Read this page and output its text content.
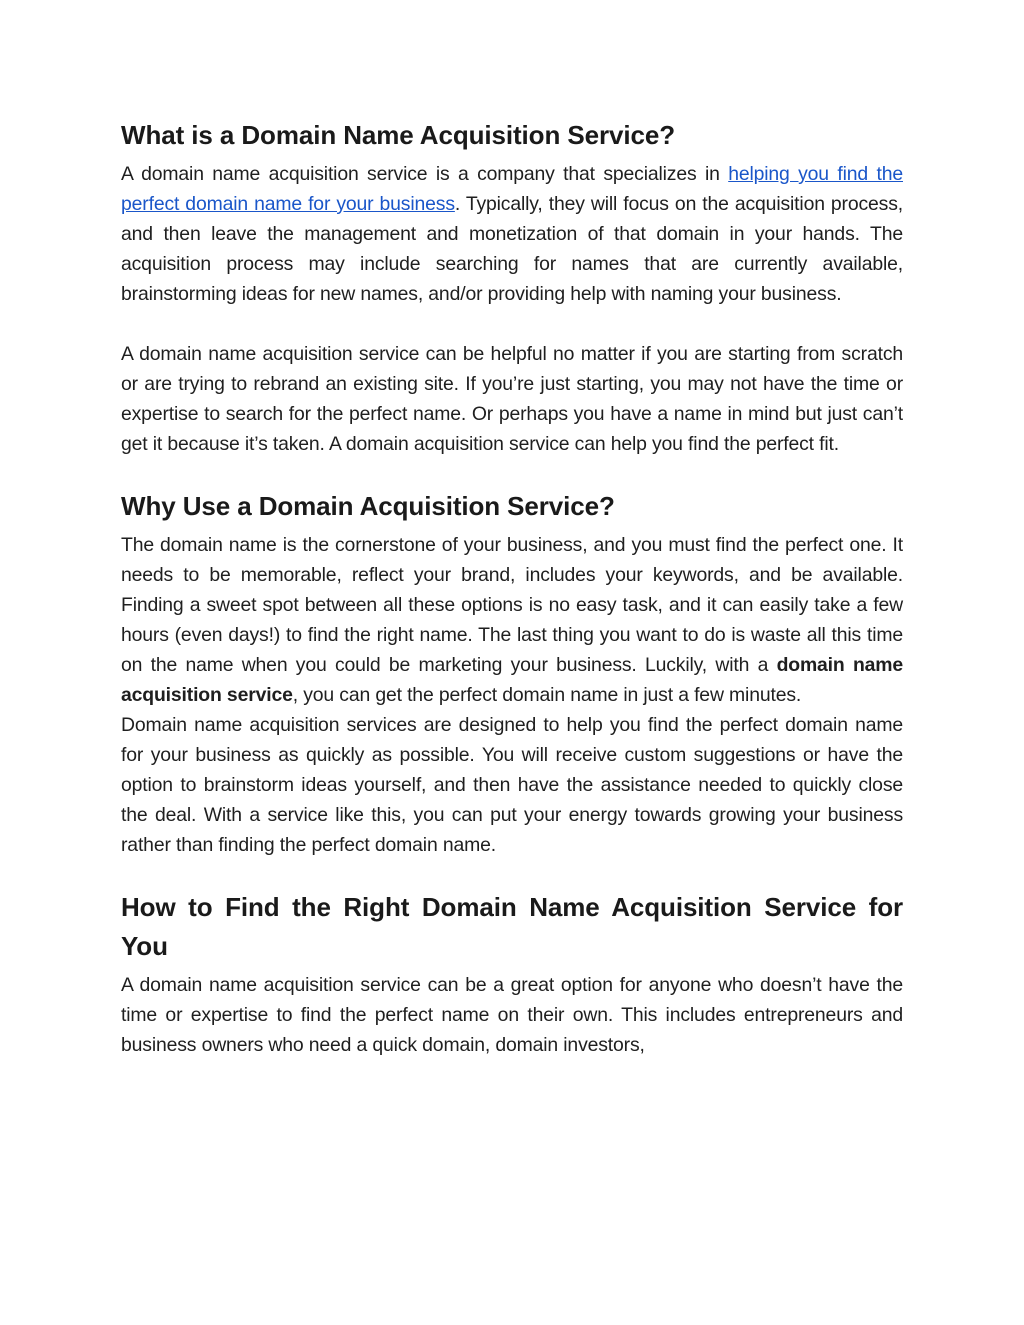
What is a Domain Name Acquisition Service?

A domain name acquisition service is a company that specializes in helping you find the perfect domain name for your business. Typically, they will focus on the acquisition process, and then leave the management and monetization of that domain in your hands. The acquisition process may include searching for names that are currently available, brainstorming ideas for new names, and/or providing help with naming your business.

A domain name acquisition service can be helpful no matter if you are starting from scratch or are trying to rebrand an existing site. If you’re just starting, you may not have the time or expertise to search for the perfect name. Or perhaps you have a name in mind but just can’t get it because it’s taken. A domain acquisition service can help you find the perfect fit.

Why Use a Domain Acquisition Service?

The domain name is the cornerstone of your business, and you must find the perfect one. It needs to be memorable, reflect your brand, includes your keywords, and be available. Finding a sweet spot between all these options is no easy task, and it can easily take a few hours (even days!) to find the right name. The last thing you want to do is waste all this time on the name when you could be marketing your business. Luckily, with a domain name acquisition service, you can get the perfect domain name in just a few minutes.

Domain name acquisition services are designed to help you find the perfect domain name for your business as quickly as possible. You will receive custom suggestions or have the option to brainstorm ideas yourself, and then have the assistance needed to quickly close the deal. With a service like this, you can put your energy towards growing your business rather than finding the perfect domain name.

How to Find the Right Domain Name Acquisition Service for You

A domain name acquisition service can be a great option for anyone who doesn’t have the time or expertise to find the perfect name on their own. This includes entrepreneurs and business owners who need a quick domain, domain investors,
